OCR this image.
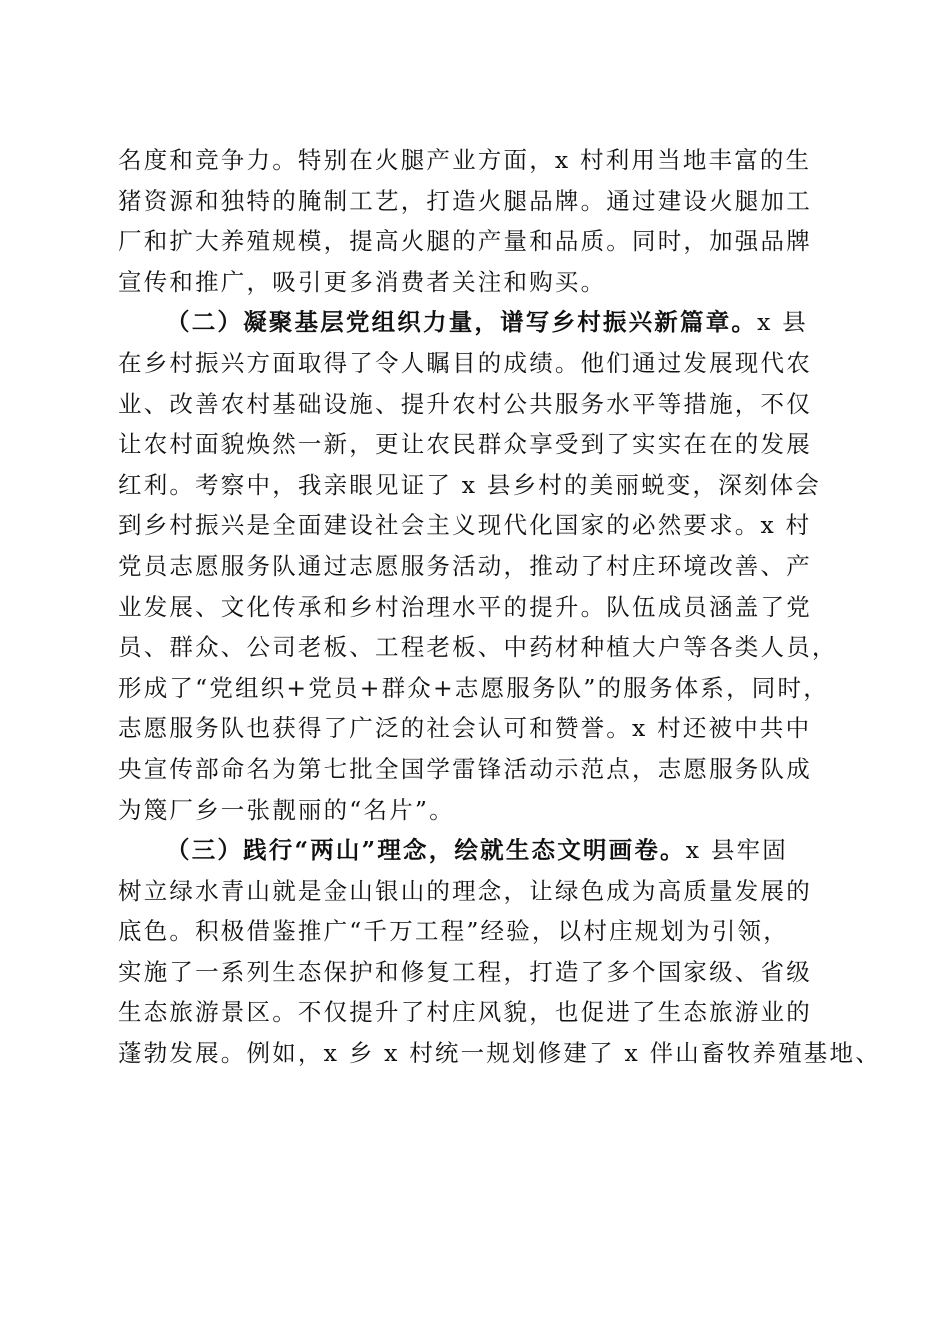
名度和竞争力。特别在火腿产业方面，x 村利用当地丰富的生
猪资源和独特的腌制工艺，打造火腿品牌。通过建设火腿加工
厂和扩大养殖规模，提高火腿的产量和品质。同时，加强品牌
宣传和推广，吸引更多消费者关注和购买。
（二）凝聚基层党组织力量，谱写乡村振兴新篇章。x 县
在乡村振兴方面取得了令人瞩目的成绩。他们通过发展现代农
业、改善农村基础设施、提升农村公共服务水平等措施，不仅
让农村面貌焕然一新，更让农民群众享受到了实实在在的发展
红利。考察中，我亲眼见证了 x 县乡村的美丽蜕变，深刻体会
到乡村振兴是全面建设社会主义现代化国家的必然要求。x 村
党员志愿服务队通过志愿服务活动，推动了村庄环境改善、产
业发展、文化传承和乡村治理水平的提升。队伍成员涵盖了党
员、群众、公司老板、工程老板、中药材种植大户等各类人员，
形成了“党组织+党员+群众+志愿服务队”的服务体系，同时，
志愿服务队也获得了广泛的社会认可和赞誉。x 村还被中共中
央宣传部命名为第七批全国学雷锋活动示范点，志愿服务队成
为篾厂乡一张靓丽的“名片”。
（三）践行“两山”理念，绘就生态文明画卷。x 县牢固
树立绿水青山就是金山银山的理念，让绿色成为高质量发展的
底色。积极借鉴推广“千万工程”经验，以村庄规划为引领，
实施了一系列生态保护和修复工程，打造了多个国家级、省级
生态旅游景区。不仅提升了村庄风貌，也促进了生态旅游业的
蓬勃发展。例如，x 乡 x 村统一规划修建了 x 伴山畜牧养殖基地、
